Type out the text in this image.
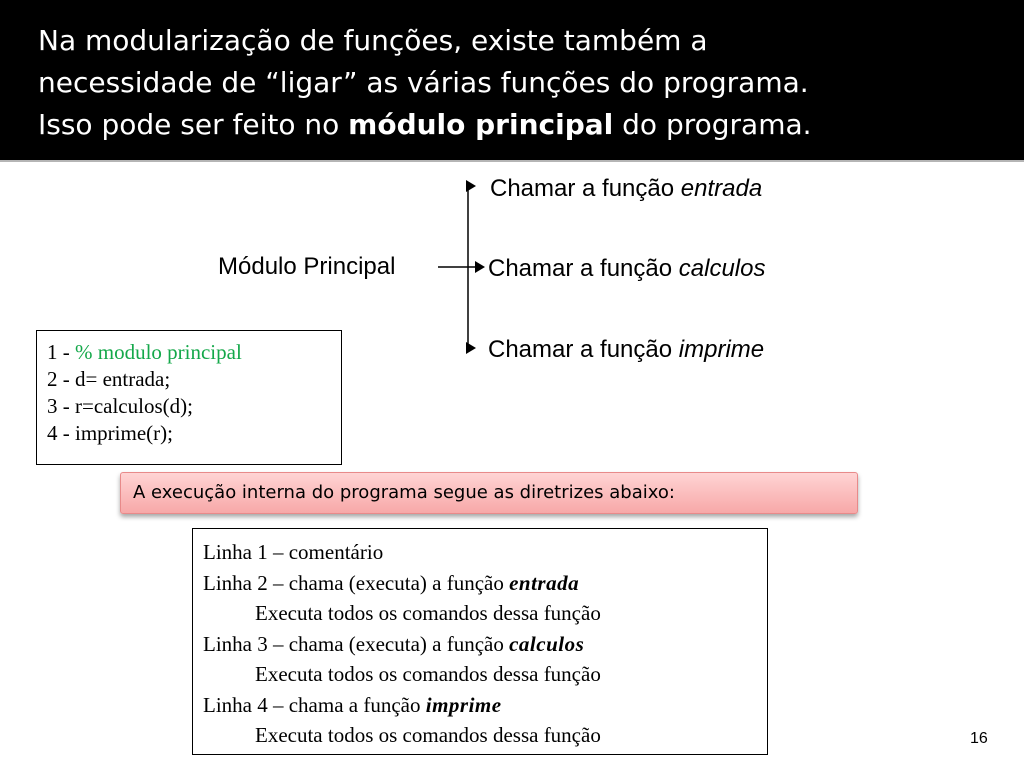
Na modularização de funções, existe também a
necessidade de “ligar” as várias funções do programa.
Isso pode ser feito no módulo principal do programa.
Módulo Principal
Chamar a função entrada
Chamar a função calculos
Chamar a função imprime
1 - % modulo principal
2 - d= entrada;
3 - r=calculos(d);
4 - imprime(r);
A execução interna do programa segue as diretrizes abaixo:
Linha 1 – comentário
Linha 2 – chama (executa) a função entrada
Executa todos os comandos dessa função
Linha 3 – chama (executa) a função calculos
Executa todos os comandos dessa função
Linha 4 – chama a função imprime
Executa todos os comandos dessa função	16
